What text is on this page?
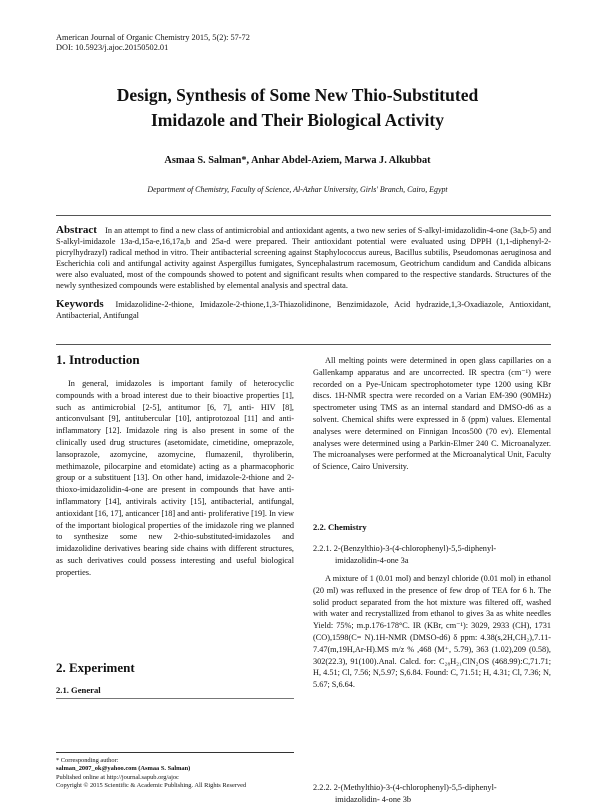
American Journal of Organic Chemistry 2015, 5(2): 57-72
DOI: 10.5923/j.ajoc.20150502.01
Design, Synthesis of Some New Thio-Substituted
Imidazole and Their Biological Activity
Asmaa S. Salman*, Anhar Abdel-Aziem, Marwa J. Alkubbat
Department of Chemistry, Faculty of Science, Al-Azhar University, Girls' Branch, Cairo, Egypt
Abstract In an attempt to find a new class of antimicrobial and antioxidant agents, a two new series of S-alkyl-imidazolidin-4-one (3a,b-5) and S-alkyl-imidazole 13a-d,15a-e,16,17a,b and 25a-d were prepared. Their antioxidant potential were evaluated using DPPH (1,1-diphenyl-2-picrylhydrazyl) radical method in vitro. Their antibacterial screening against Staphylococcus aureus, Bacillus subtilis, Pseudomonas aeruginosa and Escherichia coli and antifungal activity against Aspergillus fumigates, Syncephalastrum racemosum, Geotrichum candidum and Candida albicans were also evaluated, most of the compounds showed to potent and significant results when compared to the respective standards. Structures of the newly synthesized compounds were established by elemental analysis and spectral data.
Keywords Imidazolidine-2-thione, Imidazole-2-thione,1,3-Thiazolidinone, Benzimidazole, Acid hydrazide,1,3-Oxadiazole, Antioxidant, Antibacterial, Antifungal
1. Introduction

In general, imidazoles is important family of heterocyclic compounds with a broad interest due to their bioactive properties [1], such as antimicrobial [2-5], antitumor [6, 7], anti- HIV [8], anticonvulsant [9], antitubercular [10], antiprotozoal [11] and anti-inflammatory [12]. Imidazole ring is also present in some of the clinically used drug structures (asetomidate, cimetidine, omeprazole, lansoprazole, azomycine, azomycine, flumazenil, thyroliberin, methimazole, pilocarpine and etomidate) acting as a pharmacophoric group or a substituent [13]. On other hand, imidazole-2-thione and 2-thioxo-imidazolidin-4-one are present in compounds that have anti-inflammatory [14], antivirals activity [15], antibacterial, antifungal, antioxidant [16, 17], anticancer [18] and anti- proliferative [19]. In view of the important biological properties of the imidazole ring we planned to synthesize some new 2-thio-substituted-imidazoles and imidazolidine derivatives bearing side chains with different structures, as such derivatives could possess interesting and useful biological properties.

2. Experiment
2.1. General
* Corresponding author:
salman_2007_ok@yahoo.com (Asmaa S. Salman)
Published online at http://journal.sapub.org/ajoc
Copyright © 2015 Scientific & Academic Publishing. All Rights Reserved

All melting points were determined in open glass capillaries on a Gallenkamp apparatus and are uncorrected. IR spectra (cm⁻¹) were recorded on a Pye-Unicam spectrophotometer type 1200 using KBr discs. 1H-NMR spectra were recorded on a Varian EM-390 (90MHz) spectrometer using TMS as an internal standard and DMSO-d6 as a solvent. Chemical shifts were expressed in δ (ppm) values. Elemental analyses were determined on Finnigan Incos500 (70 ev). Elemental analyses were determined using a Parkin-Elmer 240 C. Microanalyzer. The microanalyses were performed at the Microanalytical Unit, Faculty of Science, Cairo University.

2.2. Chemistry
2.2.1. 2-(Benzylthio)-3-(4-chlorophenyl)-5,5-diphenyl-
imidazolidin-4-one 3a

A mixture of 1 (0.01 mol) and benzyl chloride (0.01 mol) in ethanol (20 ml) was refluxed in the presence of few drop of TEA for 6 h. The solid product separated from the hot mixture was filtered off, washed with water and recrystallized from ethanol to gives 3a as white needles Yield: 75%; m.p.176-178°C. IR (KBr, cm⁻¹): 3029, 2933 (CH), 1731 (CO),1598(C= N).1H-NMR (DMSO-d6) δ ppm: 4.38(s,2H,CH₂),7.11-7.47(m,19H,Ar-H).MS m/z % ,468 (M⁺, 5.79), 363 (1.02),209 (0.58), 302(22.3), 91(100).Anal. Calcd. for: C₂₈H₂₁ClN₂OS (468.99):C,71.71; H, 4.51; Cl, 7.56; N,5.97; S,6.84. Found: C, 71.51; H, 4.31; Cl, 7.36; N, 5.67; S,6.64.

2.2.2. 2-(Methylthio)-3-(4-chlorophenyl)-5,5-diphenyl-
imidazolidin- 4-one 3b
